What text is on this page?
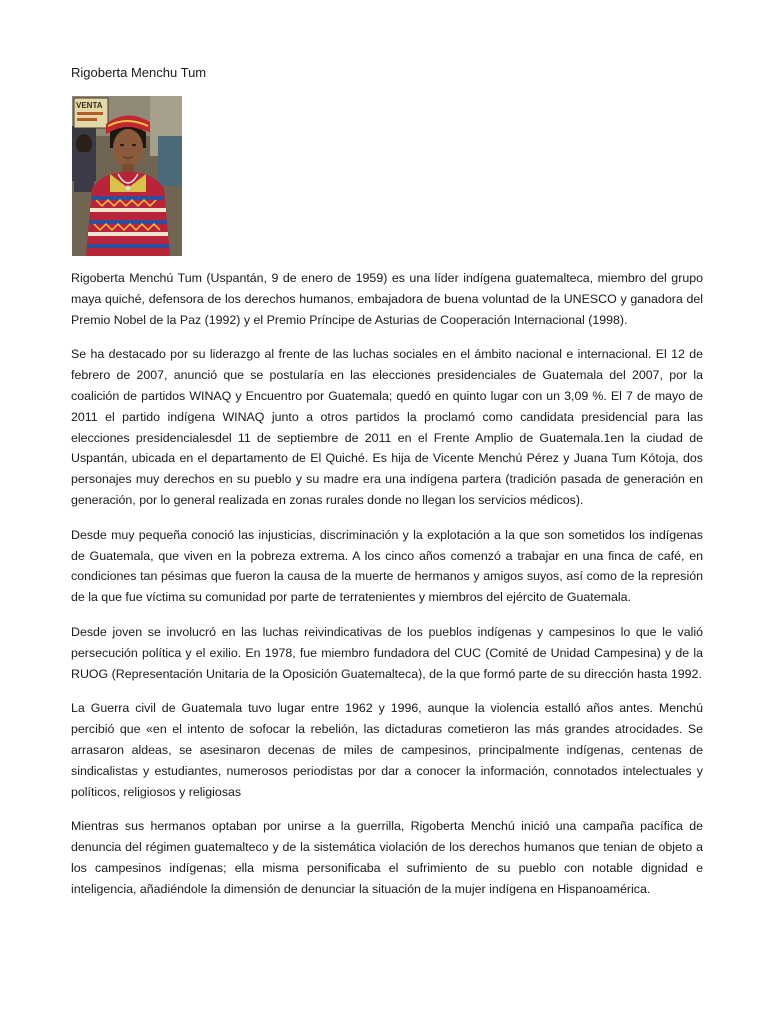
Rigoberta Menchu Tum
VENTA

Rigoberta Menchú Tum (Uspantán, 9 de enero de 1959) es una líder indígena guatemalteca, miembro del grupo maya quiché, defensora de los derechos humanos, embajadora de buena voluntad de la UNESCO y ganadora del Premio Nobel de la Paz (1992) y el Premio Príncipe de Asturias de Cooperación Internacional (1998).

Se ha destacado por su liderazgo al frente de las luchas sociales en el ámbito nacional e internacional. El 12 de febrero de 2007, anunció que se postularía en las elecciones presidenciales de Guatemala del 2007, por la coalición de partidos WINAQ y Encuentro por Guatemala; quedó en quinto lugar con un 3,09 %. El 7 de mayo de 2011 el partido indígena WINAQ junto a otros partidos la proclamó como candidata presidencial para las elecciones presidencialesdel 11 de septiembre de 2011 en el Frente Amplio de Guatemala.1en la ciudad de Uspantán, ubicada en el departamento de El Quiché. Es hija de Vicente Menchú Pérez y Juana Tum Kótoja, dos personajes muy derechos en su pueblo y su madre era una indígena partera (tradición pasada de generación en generación, por lo general realizada en zonas rurales donde no llegan los servicios médicos).

Desde muy pequeña conoció las injusticias, discriminación y la explotación a la que son sometidos los indígenas de Guatemala, que viven en la pobreza extrema. A los cinco años comenzó a trabajar en una finca de café, en condiciones tan pésimas que fueron la causa de la muerte de hermanos y amigos suyos, así como de la represión de la que fue víctima su comunidad por parte de terratenientes y miembros del ejército de Guatemala.

Desde joven se involucró en las luchas reivindicativas de los pueblos indígenas y campesinos lo que le valió persecución política y el exilio. En 1978, fue miembro fundadora del CUC (Comité de Unidad Campesina) y de la RUOG (Representación Unitaria de la Oposición Guatemalteca), de la que formó parte de su dirección hasta 1992.

La Guerra civil de Guatemala tuvo lugar entre 1962 y 1996, aunque la violencia estalló años antes. Menchú percibió que «en el intento de sofocar la rebelión, las dictaduras cometieron las más grandes atrocidades. Se arrasaron aldeas, se asesinaron decenas de miles de campesinos, principalmente indígenas, centenas de sindicalistas y estudiantes, numerosos periodistas por dar a conocer la información, connotados intelectuales y políticos, religiosos y religiosas

Mientras sus hermanos optaban por unirse a la guerrilla, Rigoberta Menchú inició una campaña pacífica de denuncia del régimen guatemalteco y de la sistemática violación de los derechos humanos que tenian de objeto a los campesinos indígenas; ella misma personificaba el sufrimiento de su pueblo con notable dignidad e inteligencia, añadiéndole la dimensión de denunciar la situación de la mujer indígena en Hispanoamérica.
